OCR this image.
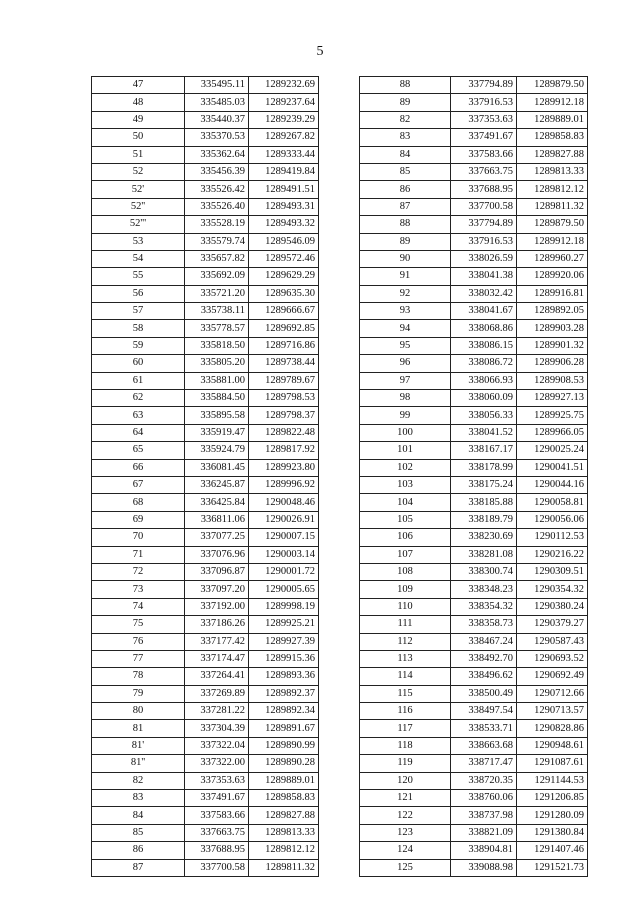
5
47	335495.11	1289232.69
48	335485.03	1289237.64
49	335440.37	1289239.29
50	335370.53	1289267.82
51	335362.64	1289333.44
52	335456.39	1289419.84
52'	335526.42	1289491.51
52''	335526.40	1289493.31
52'''	335528.19	1289493.32
53	335579.74	1289546.09
54	335657.82	1289572.46
55	335692.09	1289629.29
56	335721.20	1289635.30
57	335738.11	1289666.67
58	335778.57	1289692.85
59	335818.50	1289716.86
60	335805.20	1289738.44
61	335881.00	1289789.67
62	335884.50	1289798.53
63	335895.58	1289798.37
64	335919.47	1289822.48
65	335924.79	1289817.92
66	336081.45	1289923.80
67	336245.87	1289996.92
68	336425.84	1290048.46
69	336811.06	1290026.91
70	337077.25	1290007.15
71	337076.96	1290003.14
72	337096.87	1290001.72
73	337097.20	1290005.65
74	337192.00	1289998.19
75	337186.26	1289925.21
76	337177.42	1289927.39
77	337174.47	1289915.36
78	337264.41	1289893.36
79	337269.89	1289892.37
80	337281.22	1289892.34
81	337304.39	1289891.67
81'	337322.04	1289890.99
81''	337322.00	1289890.28
82	337353.63	1289889.01
83	337491.67	1289858.83
84	337583.66	1289827.88
85	337663.75	1289813.33
86	337688.95	1289812.12
87	337700.58	1289811.32
88	337794.89	1289879.50
89	337916.53	1289912.18
82	337353.63	1289889.01
83	337491.67	1289858.83
84	337583.66	1289827.88
85	337663.75	1289813.33
86	337688.95	1289812.12
87	337700.58	1289811.32
88	337794.89	1289879.50
89	337916.53	1289912.18
90	338026.59	1289960.27
91	338041.38	1289920.06
92	338032.42	1289916.81
93	338041.67	1289892.05
94	338068.86	1289903.28
95	338086.15	1289901.32
96	338086.72	1289906.28
97	338066.93	1289908.53
98	338060.09	1289927.13
99	338056.33	1289925.75
100	338041.52	1289966.05
101	338167.17	1290025.24
102	338178.99	1290041.51
103	338175.24	1290044.16
104	338185.88	1290058.81
105	338189.79	1290056.06
106	338230.69	1290112.53
107	338281.08	1290216.22
108	338300.74	1290309.51
109	338348.23	1290354.32
110	338354.32	1290380.24
111	338358.73	1290379.27
112	338467.24	1290587.43
113	338492.70	1290693.52
114	338496.62	1290692.49
115	338500.49	1290712.66
116	338497.54	1290713.57
117	338533.71	1290828.86
118	338663.68	1290948.61
119	338717.47	1291087.61
120	338720.35	1291144.53
121	338760.06	1291206.85
122	338737.98	1291280.09
123	338821.09	1291380.84
124	338904.81	1291407.46
125	339088.98	1291521.73
